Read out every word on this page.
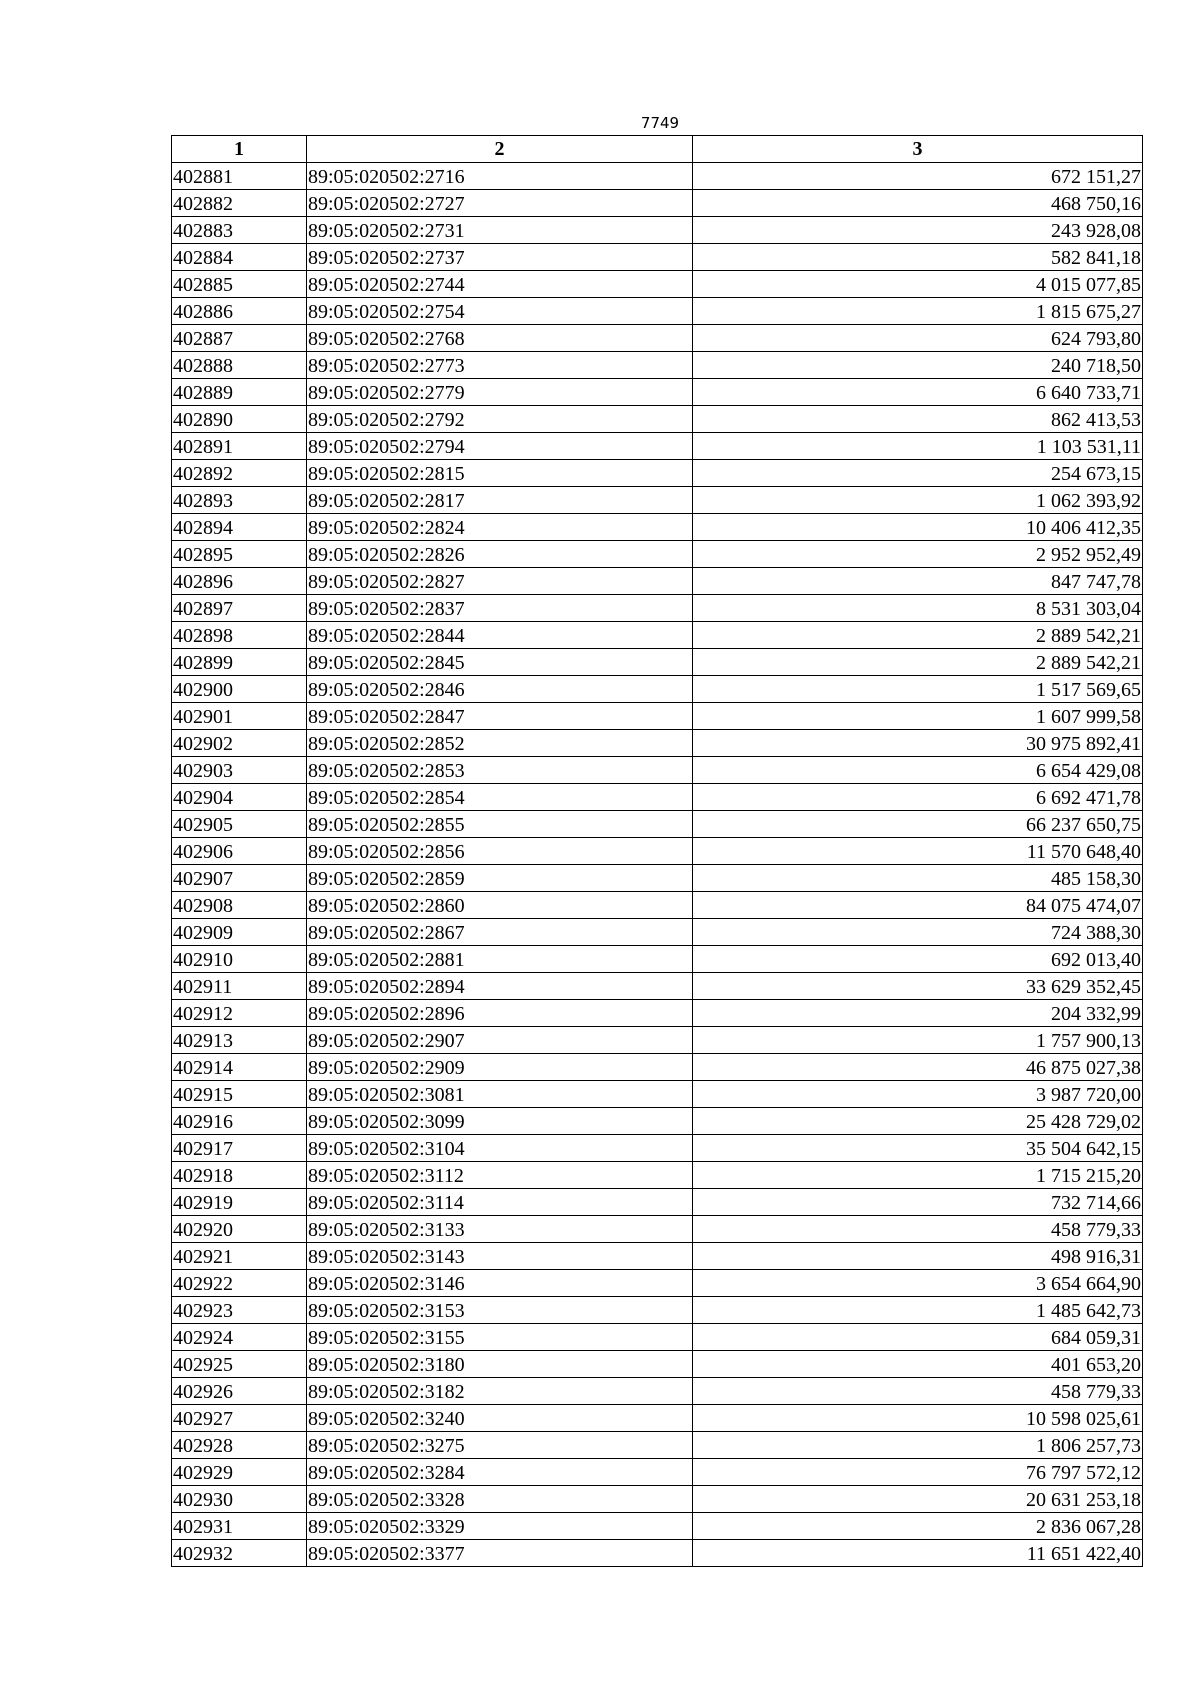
7749
1	2	3
402881	89:05:020502:2716	672 151,27
402882	89:05:020502:2727	468 750,16
402883	89:05:020502:2731	243 928,08
402884	89:05:020502:2737	582 841,18
402885	89:05:020502:2744	4 015 077,85
402886	89:05:020502:2754	1 815 675,27
402887	89:05:020502:2768	624 793,80
402888	89:05:020502:2773	240 718,50
402889	89:05:020502:2779	6 640 733,71
402890	89:05:020502:2792	862 413,53
402891	89:05:020502:2794	1 103 531,11
402892	89:05:020502:2815	254 673,15
402893	89:05:020502:2817	1 062 393,92
402894	89:05:020502:2824	10 406 412,35
402895	89:05:020502:2826	2 952 952,49
402896	89:05:020502:2827	847 747,78
402897	89:05:020502:2837	8 531 303,04
402898	89:05:020502:2844	2 889 542,21
402899	89:05:020502:2845	2 889 542,21
402900	89:05:020502:2846	1 517 569,65
402901	89:05:020502:2847	1 607 999,58
402902	89:05:020502:2852	30 975 892,41
402903	89:05:020502:2853	6 654 429,08
402904	89:05:020502:2854	6 692 471,78
402905	89:05:020502:2855	66 237 650,75
402906	89:05:020502:2856	11 570 648,40
402907	89:05:020502:2859	485 158,30
402908	89:05:020502:2860	84 075 474,07
402909	89:05:020502:2867	724 388,30
402910	89:05:020502:2881	692 013,40
402911	89:05:020502:2894	33 629 352,45
402912	89:05:020502:2896	204 332,99
402913	89:05:020502:2907	1 757 900,13
402914	89:05:020502:2909	46 875 027,38
402915	89:05:020502:3081	3 987 720,00
402916	89:05:020502:3099	25 428 729,02
402917	89:05:020502:3104	35 504 642,15
402918	89:05:020502:3112	1 715 215,20
402919	89:05:020502:3114	732 714,66
402920	89:05:020502:3133	458 779,33
402921	89:05:020502:3143	498 916,31
402922	89:05:020502:3146	3 654 664,90
402923	89:05:020502:3153	1 485 642,73
402924	89:05:020502:3155	684 059,31
402925	89:05:020502:3180	401 653,20
402926	89:05:020502:3182	458 779,33
402927	89:05:020502:3240	10 598 025,61
402928	89:05:020502:3275	1 806 257,73
402929	89:05:020502:3284	76 797 572,12
402930	89:05:020502:3328	20 631 253,18
402931	89:05:020502:3329	2 836 067,28
402932	89:05:020502:3377	11 651 422,40
